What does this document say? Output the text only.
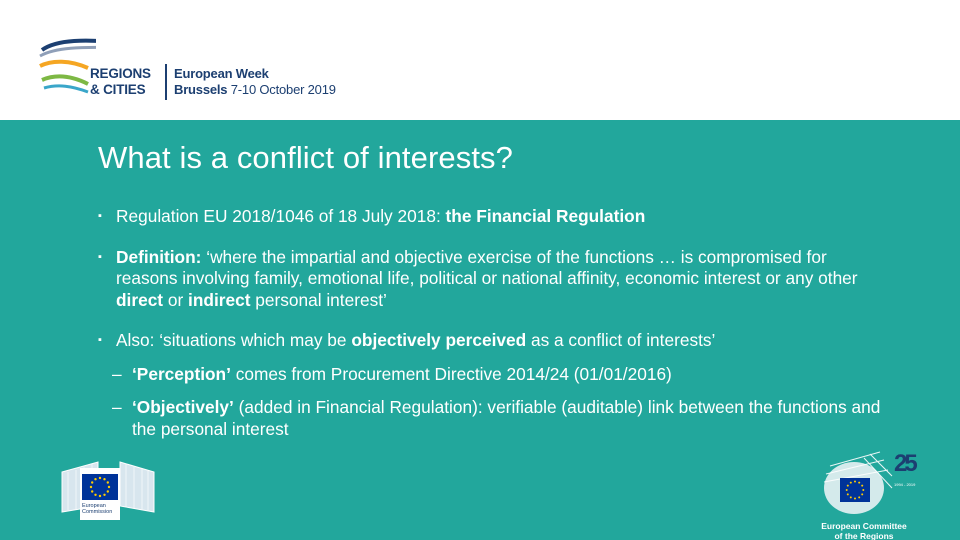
REGIONS
& CITIES
European Week
Brussels 7-10 October 2019
What is a conflict of interests?
▪ Regulation EU 2018/1046 of 18 July 2018: the Financial Regulation
▪ Definition: ‘where the impartial and objective exercise of the functions … is compromised for reasons involving family, emotional life, political or national affinity, economic interest or any other direct or indirect personal interest’
▪ Also: ‘situations which may be objectively perceived as a conflict of interests’
– ‘Perception’ comes from Procurement Directive 2014/24 (01/01/2016)
– ‘Objectively’ (added in Financial Regulation): verifiable (auditable) link between the functions and the personal interest
European
Commission
25
1994 - 2019
European Committee
of the Regions
